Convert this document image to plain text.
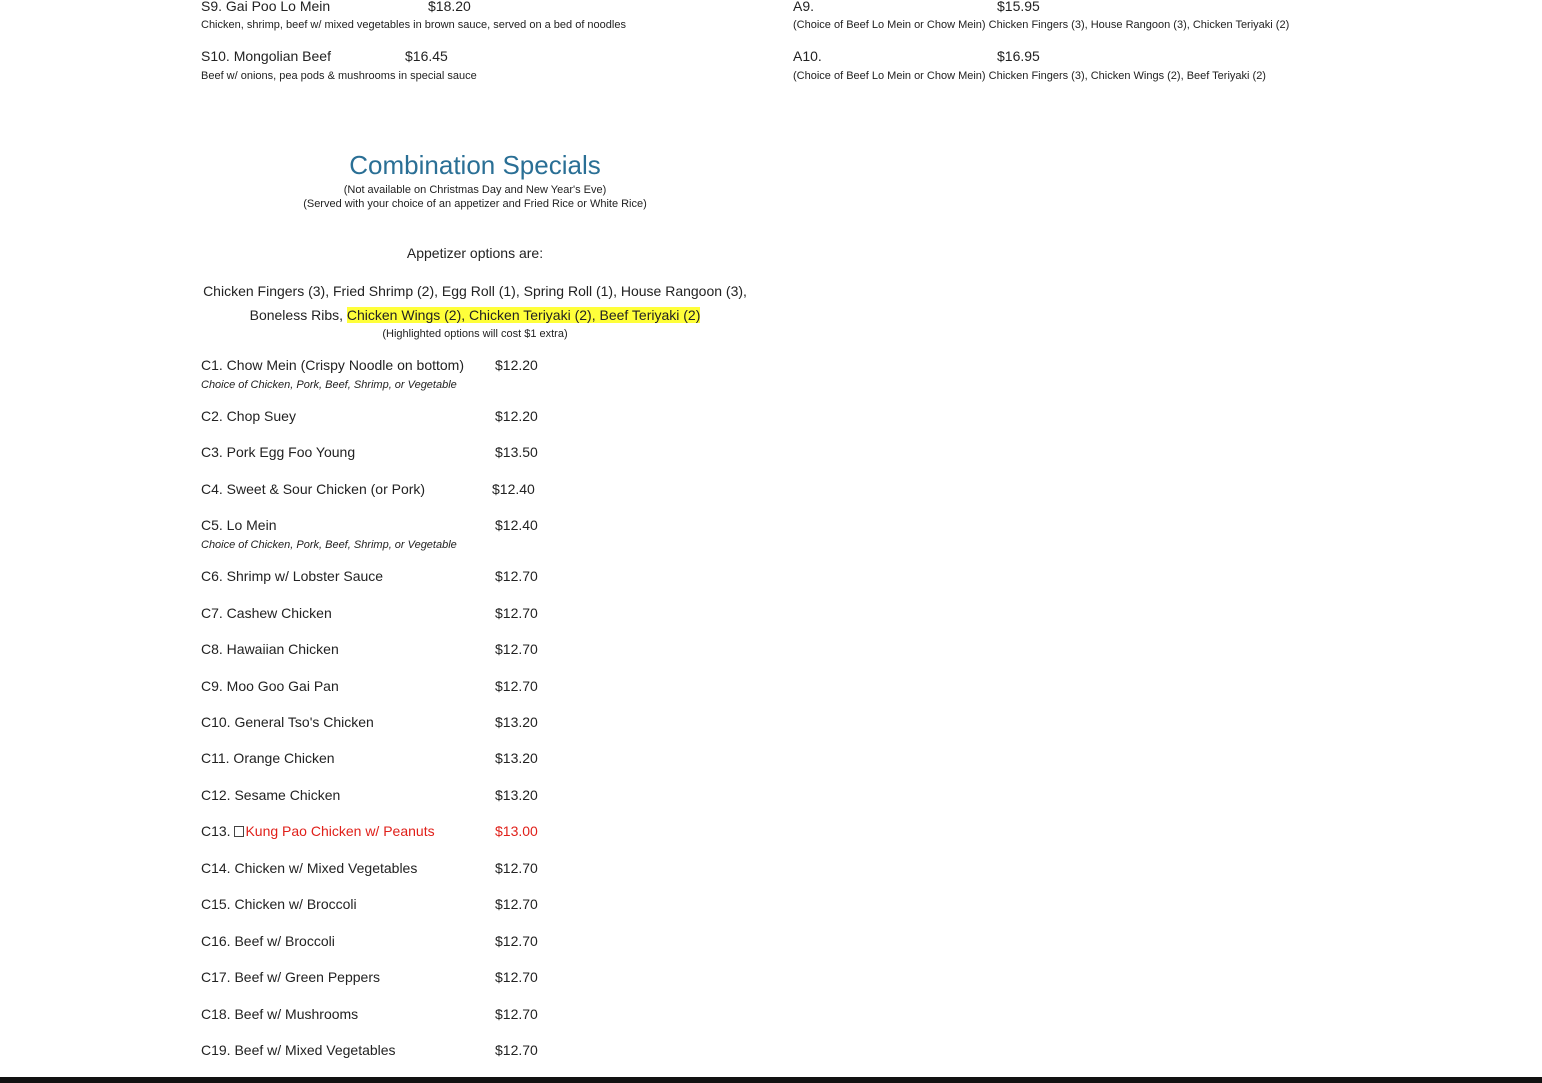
S9. Gai Poo Lo Mein	$18.20
Chicken, shrimp, beef w/ mixed vegetables in brown sauce, served on a bed of noodles
S10. Mongolian Beef	$16.45
Beef w/ onions, pea pods & mushrooms in special sauce
A9.	$15.95
(Choice of Beef Lo Mein or Chow Mein) Chicken Fingers (3), House Rangoon (3), Chicken Teriyaki (2)
A10.	$16.95
(Choice of Beef Lo Mein or Chow Mein) Chicken Fingers (3), Chicken Wings (2), Beef Teriyaki (2)
Combination Specials
(Not available on Christmas Day and New Year's Eve)
(Served with your choice of an appetizer and Fried Rice or White Rice)
Appetizer options are:
Chicken Fingers (3), Fried Shrimp (2), Egg Roll (1), Spring Roll (1), House Rangoon (3), Boneless Ribs, Chicken Wings (2), Chicken Teriyaki (2), Beef Teriyaki (2)
(Highlighted options will cost $1 extra)
C1. Chow Mein (Crispy Noodle on bottom) $12.20
Choice of Chicken, Pork, Beef, Shrimp, or Vegetable
C2. Chop Suey	$12.20
C3. Pork Egg Foo Young	$13.50
C4. Sweet & Sour Chicken (or Pork)	$12.40
C5. Lo Mein	$12.40
Choice of Chicken, Pork, Beef, Shrimp, or Vegetable
C6. Shrimp w/ Lobster Sauce	$12.70
C7. Cashew Chicken	$12.70
C8. Hawaiian Chicken	$12.70
C9. Moo Goo Gai Pan	$12.70
C10. General Tso's Chicken	$13.20
C11. Orange Chicken	$13.20
C12. Sesame Chicken	$13.20
C13. Kung Pao Chicken w/ Peanuts	$13.00
C14. Chicken w/ Mixed Vegetables	$12.70
C15. Chicken w/ Broccoli	$12.70
C16. Beef w/ Broccoli	$12.70
C17. Beef w/ Green Peppers	$12.70
C18. Beef w/ Mushrooms	$12.70
C19. Beef w/ Mixed Vegetables	$12.70
